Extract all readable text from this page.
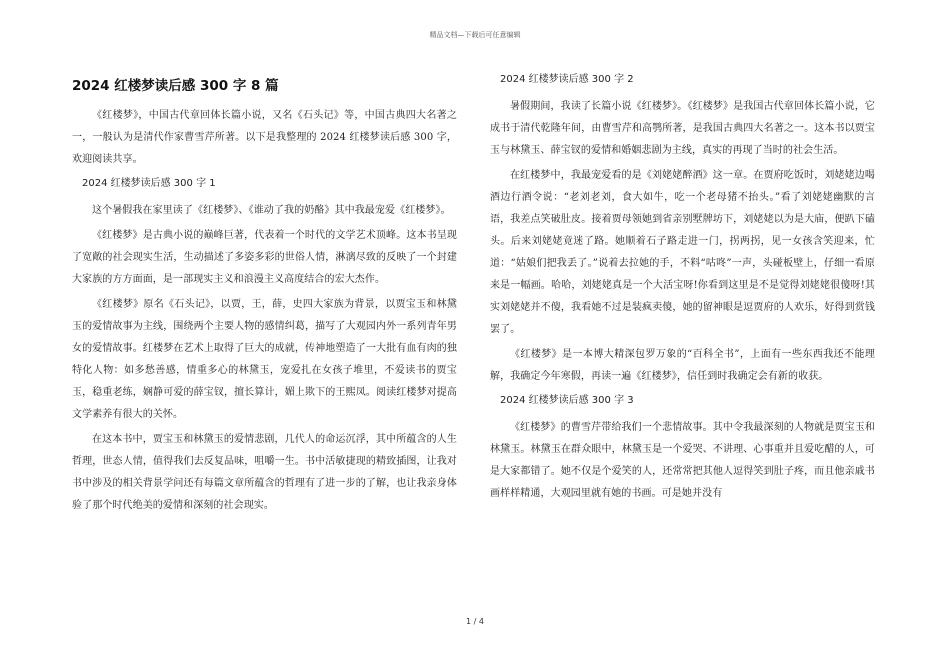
精品文档—下载后可任意编辑
2024 红楼梦读后感 300 字 8 篇

《红楼梦》，中国古代章回体长篇小说，又名《石头记》等，中国古典四大名著之一，一般认为是清代作家曹雪芹所著。以下是我整理的 2024 红楼梦读后感 300 字，欢迎阅读共享。

2024 红楼梦读后感 300 字 1

这个暑假我在家里读了《红楼梦》、《谁动了我的奶酪》其中我最宠爱《红楼梦》。

《红楼梦》是古典小说的巅峰巨著，代表着一个时代的文学艺术顶峰。这本书呈现了宽敞的社会现实生活，生动描述了多姿多彩的世俗人情，淋漓尽致的反映了一个封建大家族的方方面面，是一部现实主义和浪漫主义高度结合的宏大杰作。

《红楼梦》原名《石头记》，以贾，王，薛，史四大家族为背景，以贾宝玉和林黛玉的爱情故事为主线，围绕两个主要人物的感情纠葛，描写了大观园内外一系列青年男女的爱情故事。红楼梦在艺术上取得了巨大的成就，传神地塑造了一大批有血有肉的独特化人物：如多愁善感，情重多心的林黛玉，宠爱扎在女孩子堆里，不爱读书的贾宝玉，稳重老练，娴静可爱的薛宝钗，擅长算计，媚上欺下的王熙凤。阅读红楼梦对提高文学素养有很大的关怀。

在这本书中，贾宝玉和林黛玉的爱情悲剧，几代人的命运沉浮，其中所蕴含的人生哲理，世态人情，值得我们去反复品味，咀嚼一生。书中活敏捷现的精致插图，让我对书中涉及的相关背景学问还有每篇文章所蕴含的哲理有了进一步的了解，也让我亲身体验了那个时代绝美的爱情和深刻的社会现实。

2024 红楼梦读后感 300 字 2

暑假期间，我读了长篇小说《红楼梦》。《红楼梦》是我国古代章回体长篇小说，它成书于清代乾隆年间，由曹雪芹和高鹗所著，是我国古典四大名著之一。这本书以贾宝玉与林黛玉、薛宝钗的爱情和婚姻悲剧为主线，真实的再现了当时的社会生活。

在红楼梦中，我最宠爱看的是《刘姥姥醉酒》这一章。在贾府吃饭时，刘姥姥边喝酒边行酒令说：“老刘老刘，食大如牛，吃一个老母猪不抬头。”看了刘姥姥幽默的言语，我差点笑破肚皮。接着贾母领她到省亲别墅牌坊下，刘姥姥以为是大庙，便趴下磕头。后来刘姥姥竟迷了路。她顺着石子路走进一门，拐两拐，见一女孩含笑迎来，忙道：“姑娘们把我丢了。”说着去拉她的手，不料“咕咚”一声，头碰板壁上，仔细一看原来是一幅画。哈哈，刘姥姥真是一个大活宝呀!你看到这里是不是觉得刘姥姥很傻呀!其实刘姥姥并不傻，我看她不过是装疯卖傻，她的留神眼是逗贾府的人欢乐，好得到赏钱罢了。

《红楼梦》是一本博大精深包罗万象的“百科全书”，上面有一些东西我还不能理解，我确定今年寒假，再读一遍《红楼梦》，信任到时我确定会有新的收获。

2024 红楼梦读后感 300 字 3

《红楼梦》的曹雪芹带给我们一个悲情故事。其中令我最深刻的人物就是贾宝玉和林黛玉。林黛玉在群众眼中，林黛玉是一个爱哭、不讲理、心事重并且爱吃醋的人，可是大家都错了。她不仅是个爱笑的人，还常常把其他人逗得笑到肚子疼，而且他亲戚书画样样精通，大观园里就有她的书画。可是她并没有

1 / 4
